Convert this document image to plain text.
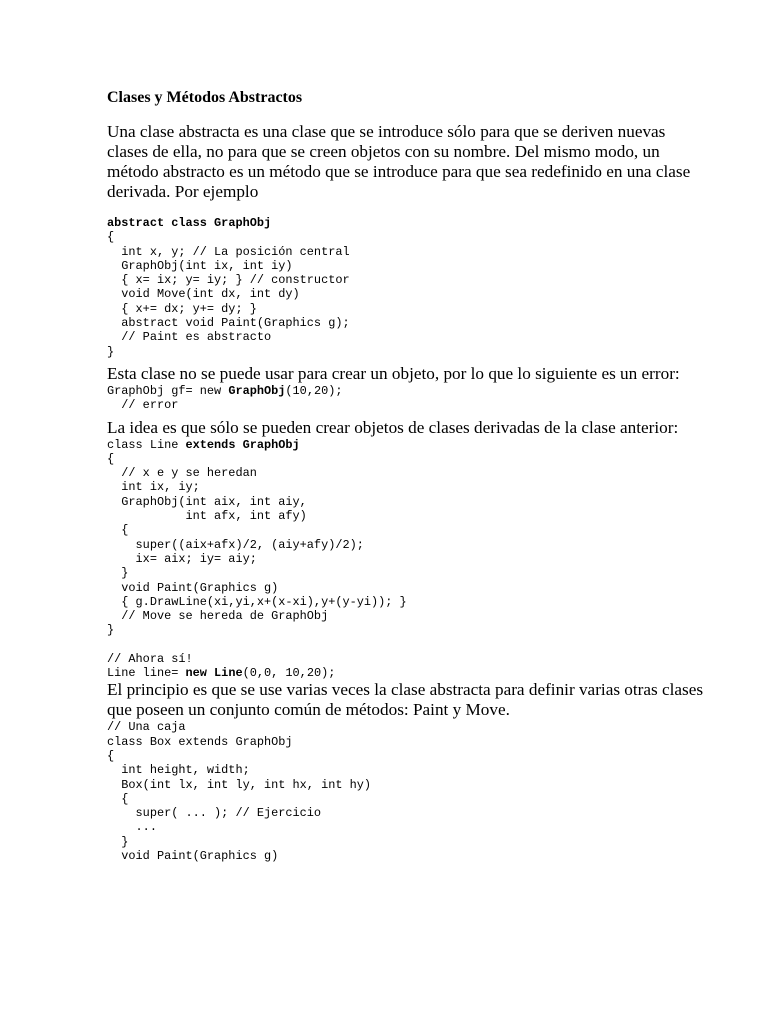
Clases y Métodos Abstractos

Una clase abstracta es una clase que se introduce sólo para que se deriven nuevas clases de ella, no para que se creen objetos con su nombre. Del mismo modo, un método abstracto es un método que se introduce para que sea redefinido en una clase derivada. Por ejemplo

abstract class GraphObj
{
int x, y; // La posición central
GraphObj(int ix, int iy)
{ x= ix; y= iy; } // constructor
void Move(int dx, int dy)
{ x+= dx; y+= dy; }
abstract void Paint(Graphics g);
// Paint es abstracto
}

Esta clase no se puede usar para crear un objeto, por lo que lo siguiente es un error:

GraphObj gf= new GraphObj(10,20);
// error

La idea es que sólo se pueden crear objetos de clases derivadas de la clase anterior:

class Line extends GraphObj
{
// x e y se heredan
int ix, iy;
GraphObj(int aix, int aiy,
int afx, int afy)
{
super((aix+afx)/2, (aiy+afy)/2);
ix= aix; iy= aiy;
}
void Paint(Graphics g)
{ g.DrawLine(xi,yi,x+(x-xi),y+(y-yi)); }
// Move se hereda de GraphObj
}
// Ahora sí!
Line line= new Line(0,0, 10,20);

El principio es que se use varias veces la clase abstracta para definir varias otras clases que poseen un conjunto común de métodos: Paint y Move.

// Una caja
class Box extends GraphObj
{
int height, width;
Box(int lx, int ly, int hx, int hy)
{
super( ... ); // Ejercicio
...
}
void Paint(Graphics g)
